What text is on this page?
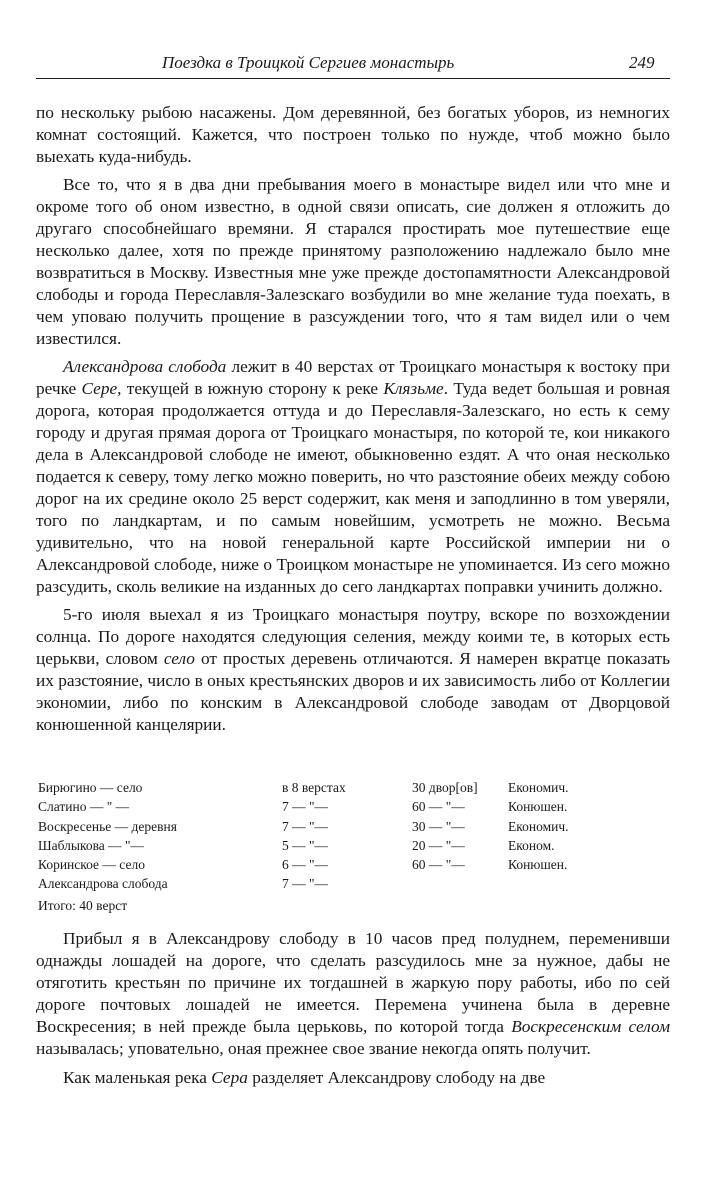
Поездка в Троицкой Сергиев монастырь	249

по нескольку рыбою насажены. Дом деревянной, без богатых уборов, из немногих комнат состоящий. Кажется, что построен только по нужде, чтоб можно было выехать куда-нибудь.

Все то, что я в два дни пребывания моего в монастыре видел или что мне и окроме того об оном известно, в одной связи описать, сие должен я отложить до другаго способнейшаго времяни. Я старался простирать мое путешествие еще несколько далее, хотя по прежде принятому разположению надлежало было мне возвратиться в Москву. Известныя мне уже прежде достопамятности Александровой слободы и города Переславля-Залезскаго возбудили во мне желание туда поехать, в чем уповаю получить прощение в разсуждении того, что я там видел или о чем известился.

Александрова слобода лежит в 40 верстах от Троицкаго монастыря к востоку при речке Сере, текущей в южную сторону к реке Клязьме. Туда ведет большая и ровная дорога, которая продолжается оттуда и до Переславля-Залезскаго, но есть к сему городу и другая прямая дорога от Троицкаго монастыря, по которой те, кои никакого дела в Александровой слободе не имеют, обыкновенно ездят. А что оная несколько подается к северу, тому легко можно поверить, но что разстояние обеих между собою дорог на их средине около 25 верст содержит, как меня и заподлинно в том уверяли, того по ландкартам, и по самым новейшим, усмотреть не можно. Весьма удивительно, что на новой генеральной карте Российской империи ни о Александровой слободе, ниже о Троицком монастыре не упоминается. Из сего можно разсудить, сколь великие на изданных до сего ландкартах поправки учинить должно.

5-го июля выехал я из Троицкаго монастыря поутру, вскоре по возхождении солнца. По дороге находятся следующия селения, между коими те, в которых есть церькви, словом село от простых деревень отличаются. Я намерен вкратце показать их разстояние, число в оных крестьянских дворов и их зависимость либо от Коллегии экономии, либо по конским в Александровой слободе заводам от Дворцовой конюшенной канцелярии.

Бирюгино — село	в 8 верстах	30 двор[ов] Економич.
Слатино — " —	7 — "—	60 — "—	Конюшен.
Воскресенье — деревня	7 — "—	30 — "—	Економич.
Шаблыкова — "—	5 — "—	20 — "—	Економ.
Коринское — село	6 — "—	60 — "—	Конюшен.
Александрова слобода	7 — "—
Итого: 40 верст

Прибыл я в Александрову слободу в 10 часов пред полуднем, переменивши однажды лошадей на дороге, что сделать разсудилось мне за нужное, дабы не отяготить крестьян по причине их тогдашней в жаркую пору работы, ибо по сей дороге почтовых лошадей не имеется. Перемена учинена была в деревне Воскресения; в ней прежде была церьковь, по которой тогда Воскресенским селом называлась; уповательно, оная прежнее свое звание некогда опять получит.

Как маленькая река Сера разделяет Александрову слободу на две
